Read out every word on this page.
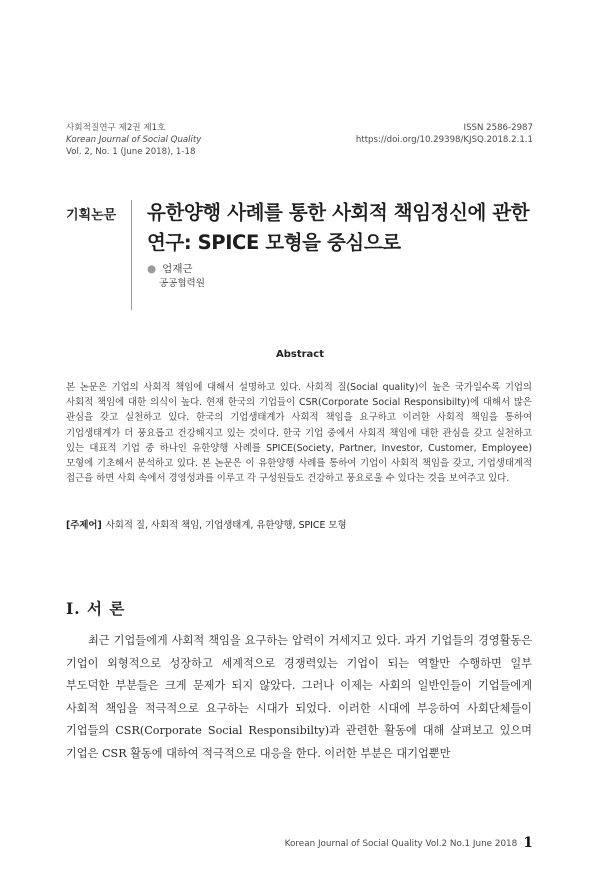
사회적질연구 제2권 제1호
Korean Journal of Social Quality
Vol. 2, No. 1 (June 2018), 1-18
ISSN 2586-2987
https://doi.org/10.29398/KJSQ.2018.2.1.1
기획논문 유한양행 사례를 통한 사회적 책임정신에 관한 연구: SPICE 모형을 중심으로
● 엄재근
공공협력원
Abstract
본 논문은 기업의 사회적 책임에 대해서 설명하고 있다. 사회적 질(Social quality)이 높은 국가일수록 기업의 사회적 책임에 대한 의식이 높다. 현재 한국의 기업들이 CSR(Corporate Social Responsibilty)에 대해서 많은 관심을 갖고 실천하고 있다. 한국의 기업생태계가 사회적 책임을 요구하고 이러한 사회적 책임을 통하여 기업생태계가 더 풍요롭고 건강해지고 있는 것이다. 한국 기업 중에서 사회적 책임에 대한 관심을 갖고 실천하고 있는 대표적 기업 중 하나인 유한양행 사례를 SPICE(Society, Partner, Investor, Customer, Employee) 모형에 기초해서 분석하고 있다. 본 논문은 이 유한양행 사례를 통하여 기업이 사회적 책임을 갖고, 기업생태계적 접근을 하면 사회 속에서 경영성과를 이루고 각 구성원들도 건강하고 풍요로울 수 있다는 것을 보여주고 있다.
[주제어] 사회적 질, 사회적 책임, 기업생태계, 유한양행, SPICE 모형
Ⅰ. 서 론
최근 기업들에게 사회적 책임을 요구하는 압력이 거세지고 있다. 과거 기업들의 경영활동은 기업이 외형적으로 성장하고 세계적으로 경쟁력있는 기업이 되는 역할만 수행하면 일부 부도덕한 부분들은 크게 문제가 되지 않았다. 그러나 이제는 사회의 일반인들이 기업들에게 사회적 책임을 적극적으로 요구하는 시대가 되었다. 이러한 시대에 부응하여 사회단체들이 기업들의 CSR(Corporate Social Responsibilty)과 관련한 활동에 대해 살펴보고 있으며 기업은 CSR 활동에 대하여 적극적으로 대응을 한다. 이러한 부분은 대기업뿐만
Korean Journal of Social Quality Vol.2 No.1 June 2018 1
